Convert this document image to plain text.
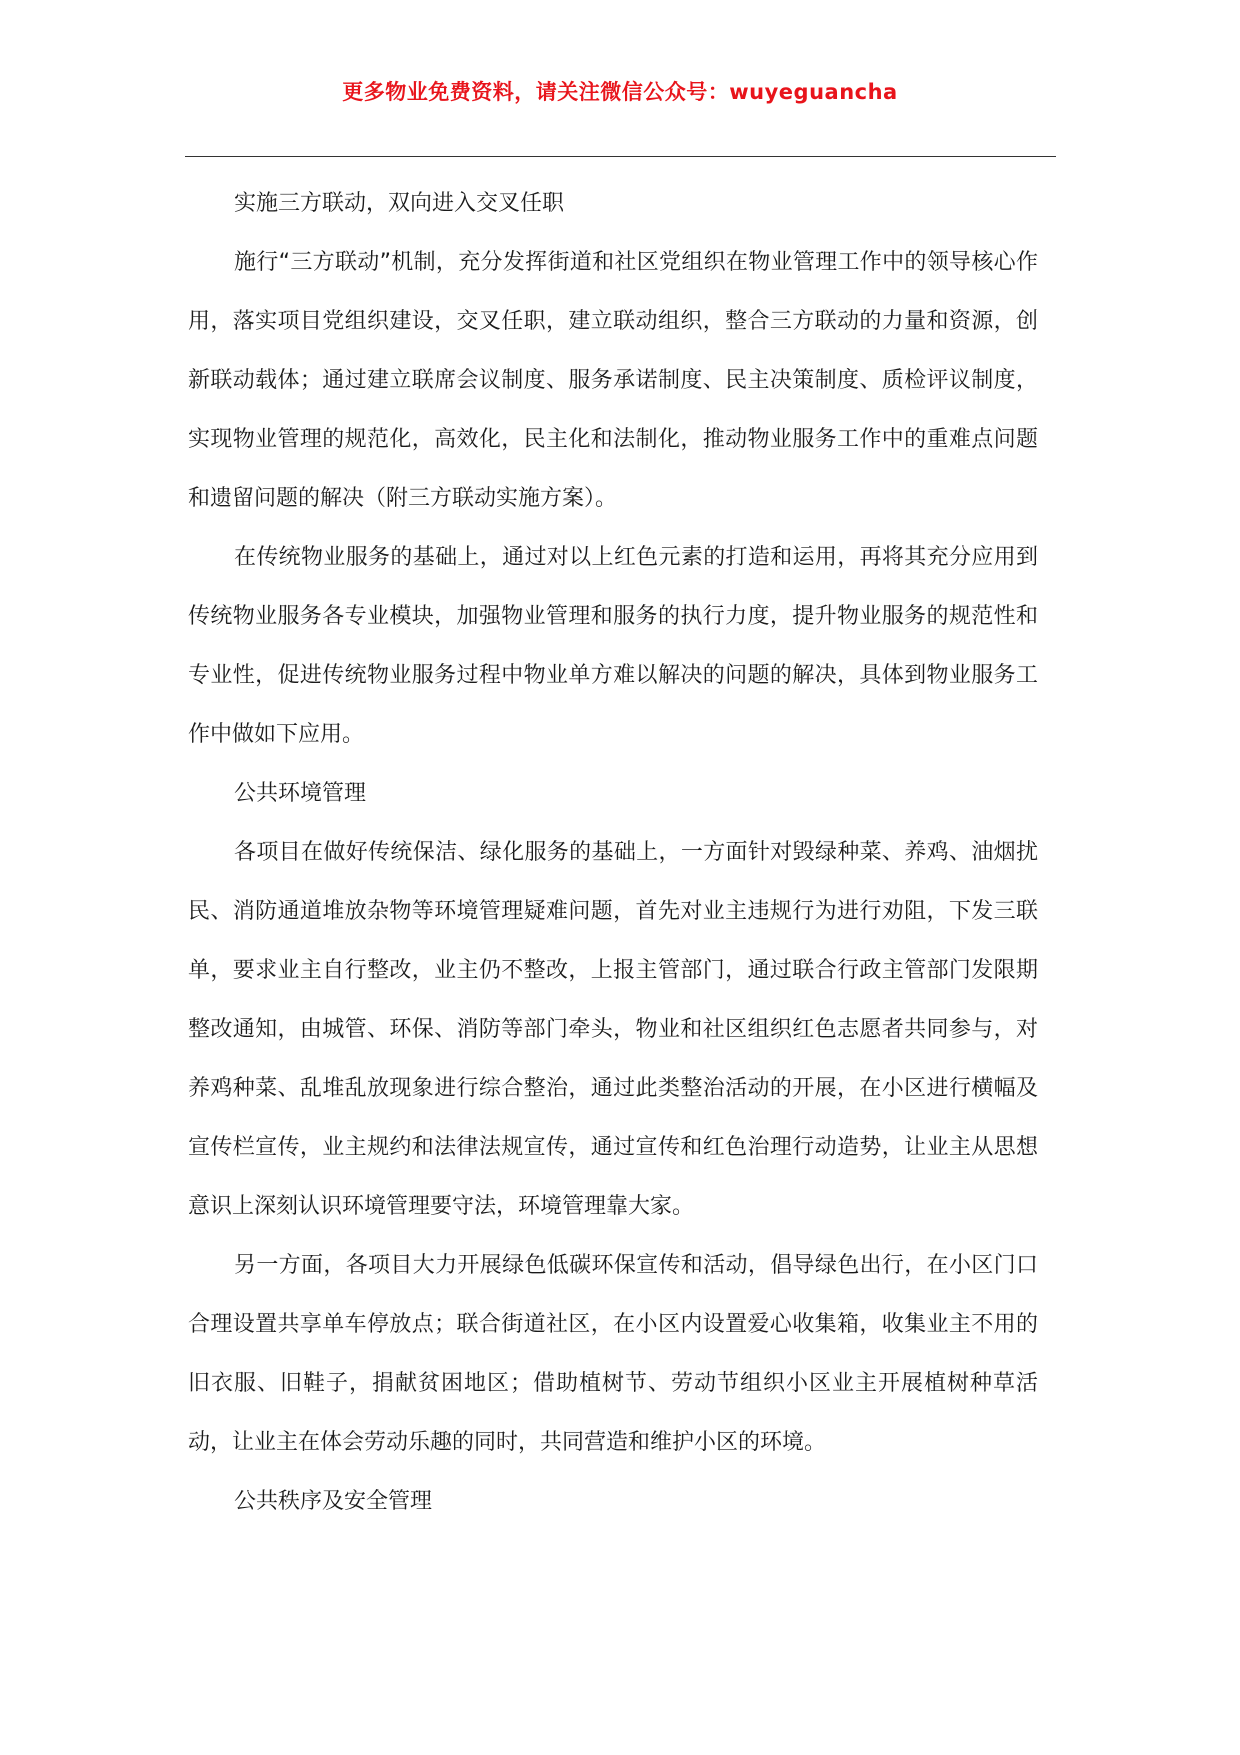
更多物业免费资料，请关注微信公众号：wuyeguancha

实施三方联动，双向进入交叉任职

施行“三方联动”机制，充分发挥街道和社区党组织在物业管理工作中的领导核心作用，落实项目党组织建设，交叉任职，建立联动组织，整合三方联动的力量和资源，创新联动载体；通过建立联席会议制度、服务承诺制度、民主决策制度、质检评议制度，实现物业管理的规范化，高效化，民主化和法制化，推动物业服务工作中的重难点问题和遗留问题的解决（附三方联动实施方案）。

在传统物业服务的基础上，通过对以上红色元素的打造和运用，再将其充分应用到传统物业服务各专业模块，加强物业管理和服务的执行力度，提升物业服务的规范性和专业性，促进传统物业服务过程中物业单方难以解决的问题的解决，具体到物业服务工作中做如下应用。

公共环境管理

各项目在做好传统保洁、绿化服务的基础上，一方面针对毁绿种菜、养鸡、油烟扰民、消防通道堆放杂物等环境管理疑难问题，首先对业主违规行为进行劝阻，下发三联单，要求业主自行整改，业主仍不整改，上报主管部门，通过联合行政主管部门发限期整改通知，由城管、环保、消防等部门牵头，物业和社区组织红色志愿者共同参与，对养鸡种菜、乱堆乱放现象进行综合整治，通过此类整治活动的开展，在小区进行横幅及宣传栏宣传，业主规约和法律法规宣传，通过宣传和红色治理行动造势，让业主从思想意识上深刻认识环境管理要守法，环境管理靠大家。

另一方面，各项目大力开展绿色低碳环保宣传和活动，倡导绿色出行，在小区门口合理设置共享单车停放点；联合街道社区，在小区内设置爱心收集箱，收集业主不用的旧衣服、旧鞋子，捐献贫困地区；借助植树节、劳动节组织小区业主开展植树种草活动，让业主在体会劳动乐趣的同时，共同营造和维护小区的环境。

公共秩序及安全管理
